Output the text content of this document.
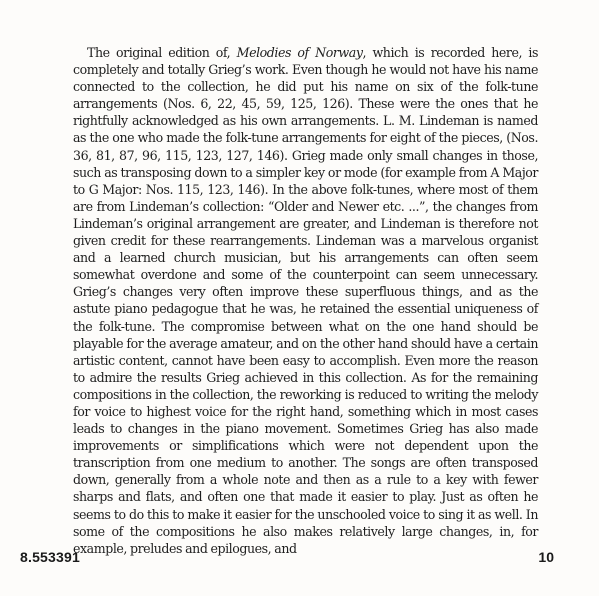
The original edition of, Melodies of Norway, which is recorded here, is completely and totally Grieg’s work. Even though he would not have his name connected to the collection, he did put his name on six of the folk-tune arrangements (Nos. 6, 22, 45, 59, 125, 126). These were the ones that he rightfully acknowledged as his own arrangements. L. M. Lindeman is named as the one who made the folk-tune arrangements for eight of the pieces, (Nos. 36, 81, 87, 96, 115, 123, 127, 146). Grieg made only small changes in those, such as transposing down to a simpler key or mode (for example from A Major to G Major: Nos. 115, 123, 146). In the above folk-tunes, where most of them are from Lindeman’s collection: “Older and Newer etc. ...”, the changes from Lindeman’s original arrangement are greater, and Lindeman is therefore not given credit for these rearrangements. Lindeman was a marvelous organist and a learned church musician, but his arrangements can often seem somewhat overdone and some of the counterpoint can seem unnecessary. Grieg’s changes very often improve these superfluous things, and as the astute piano pedagogue that he was, he retained the essential uniqueness of the folk-tune. The compromise between what on the one hand should be playable for the average amateur, and on the other hand should have a certain artistic content, cannot have been easy to accomplish. Even more the reason to admire the results Grieg achieved in this collection. As for the remaining compositions in the collection, the reworking is reduced to writing the melody for voice to highest voice for the right hand, something which in most cases leads to changes in the piano movement. Sometimes Grieg has also made improvements or simplifications which were not dependent upon the transcription from one medium to another. The songs are often transposed down, generally from a whole note and then as a rule to a key with fewer sharps and flats, and often one that made it easier to play. Just as often he seems to do this to make it easier for the unschooled voice to sing it as well. In some of the compositions he also makes relatively large changes, in, for example, preludes and epilogues, and

8.553391	10
